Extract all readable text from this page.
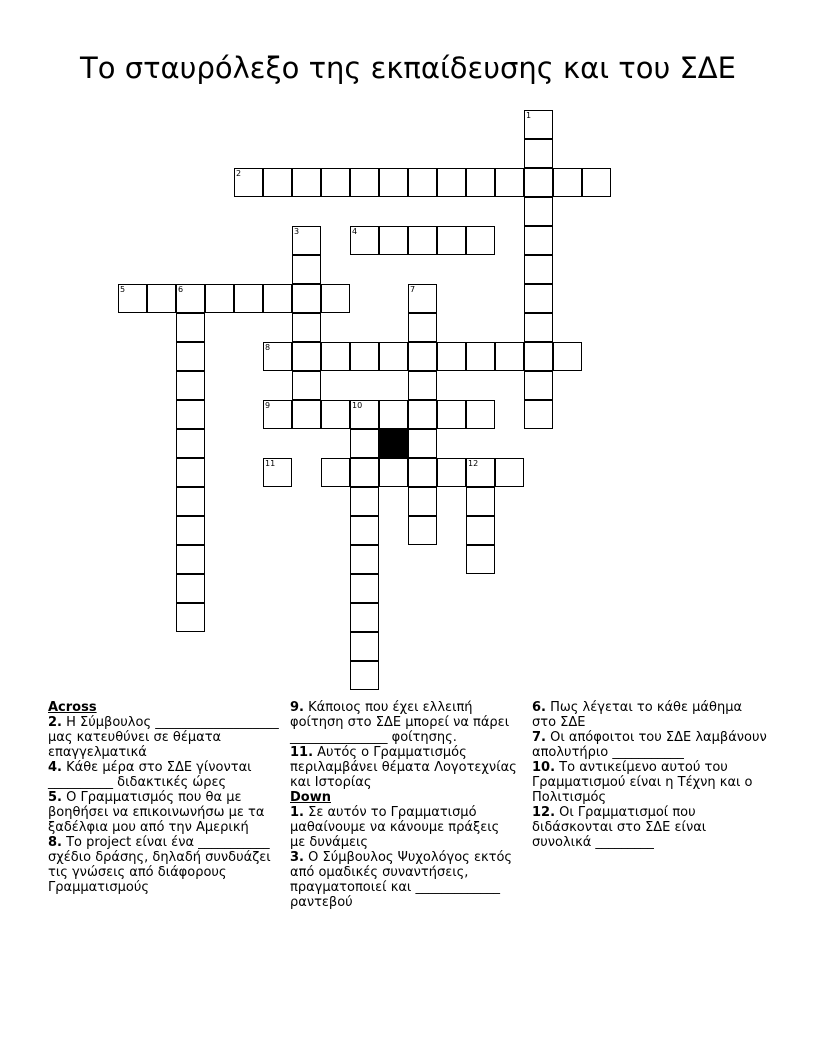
Το σταυρόλεξο της εκπαίδευσης και του ΣΔΕ
1
2
3	4
5	6	7
8
9	10
11	12

Across

2. Η Σύμβουλος ___________________ μας κατευθύνει σε θέματα επαγγελματικά

4. Κάθε μέρα στο ΣΔΕ γίνονται __________ διδακτικές ώρες

5. Ο Γραμματισμός που θα με βοηθήσει να επικοινωνήσω με τα ξαδέλφια μου από την Αμερική

8. Το project είναι ένα ___________ σχέδιο δράσης, δηλαδή συνδυάζει τις γνώσεις από διάφορους Γραμματισμούς

9. Κάποιος που έχει ελλειπή φοίτηση στο ΣΔΕ μπορεί να πάρει _______________ φοίτησης.

11. Αυτός ο Γραμματισμός περιλαμβάνει θέματα Λογοτεχνίας και Ιστορίας

Down

1. Σε αυτόν το Γραμματισμό μαθαίνουμε να κάνουμε πράξεις με δυνάμεις

3. Ο Σύμβουλος Ψυχολόγος εκτός από ομαδικές συναντήσεις, πραγματοποιεί και _____________ ραντεβού

6. Πως λέγεται το κάθε μάθημα στο ΣΔΕ

7. Οι απόφοιτοι του ΣΔΕ λαμβάνουν απολυτήριο ___________

10. Το αντικείμενο αυτού του Γραμματισμού είναι η Τέχνη και ο Πολιτισμός

12. Οι Γραμματισμοί που διδάσκονται στο ΣΔΕ είναι συνολικά _________
